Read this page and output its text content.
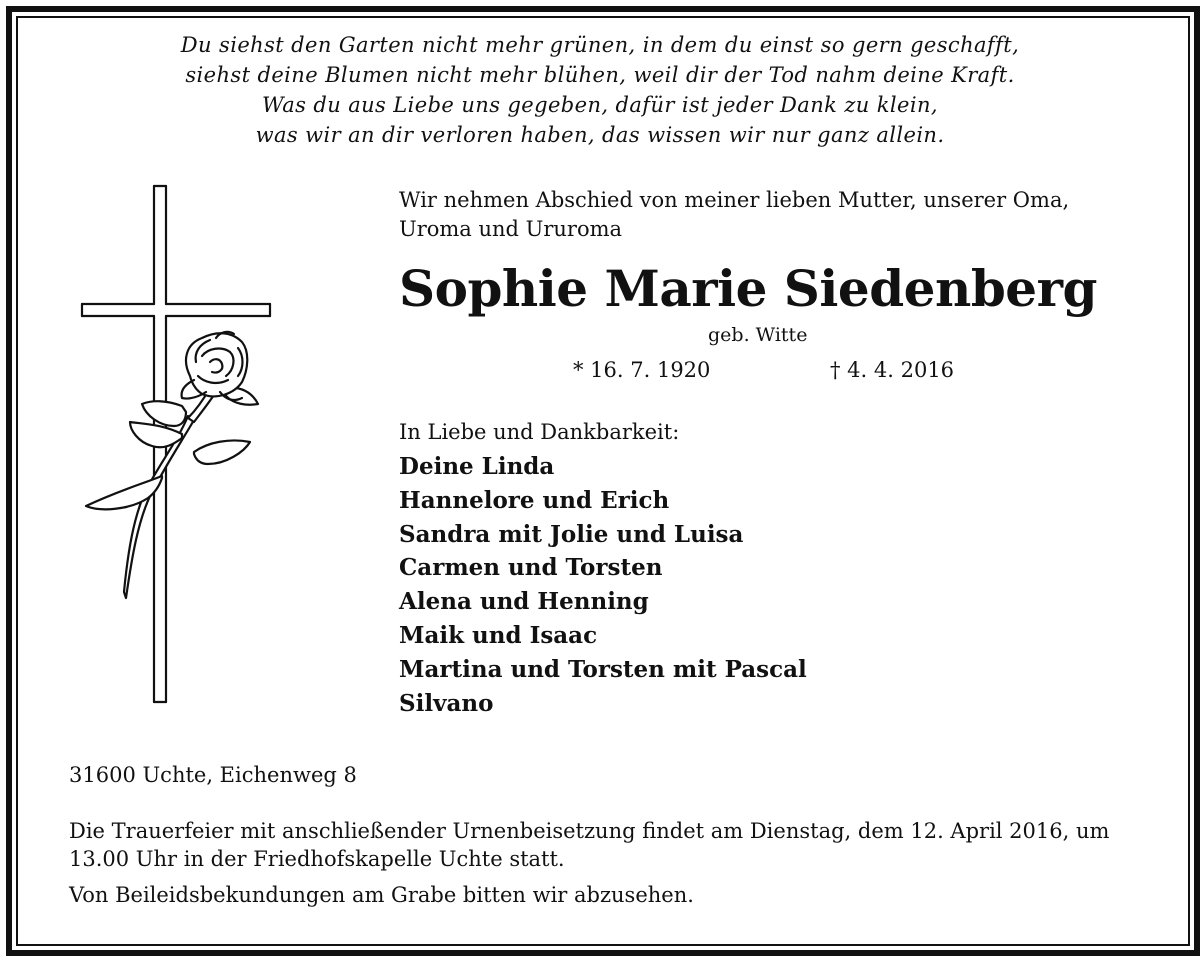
Du siehst den Garten nicht mehr grünen, in dem du einst so gern geschafft,
siehst deine Blumen nicht mehr blühen, weil dir der Tod nahm deine Kraft.
Was du aus Liebe uns gegeben, dafür ist jeder Dank zu klein,
was wir an dir verloren haben, das wissen wir nur ganz allein.
Wir nehmen Abschied von meiner lieben Mutter, unserer Oma, Uroma und Ururoma
Sophie Marie Siedenberg
geb. Witte
* 16. 7. 1920	† 4. 4. 2016
In Liebe und Dankbarkeit:
Deine Linda
Hannelore und Erich
Sandra mit Jolie und Luisa
Carmen und Torsten
Alena und Henning
Maik und Isaac
Martina und Torsten mit Pascal
Silvano
31600 Uchte, Eichenweg 8
Die Trauerfeier mit anschließender Urnenbeisetzung findet am Dienstag, dem 12. April 2016, um 13.00 Uhr in der Friedhofskapelle Uchte statt.
Von Beileidsbekundungen am Grabe bitten wir abzusehen.
